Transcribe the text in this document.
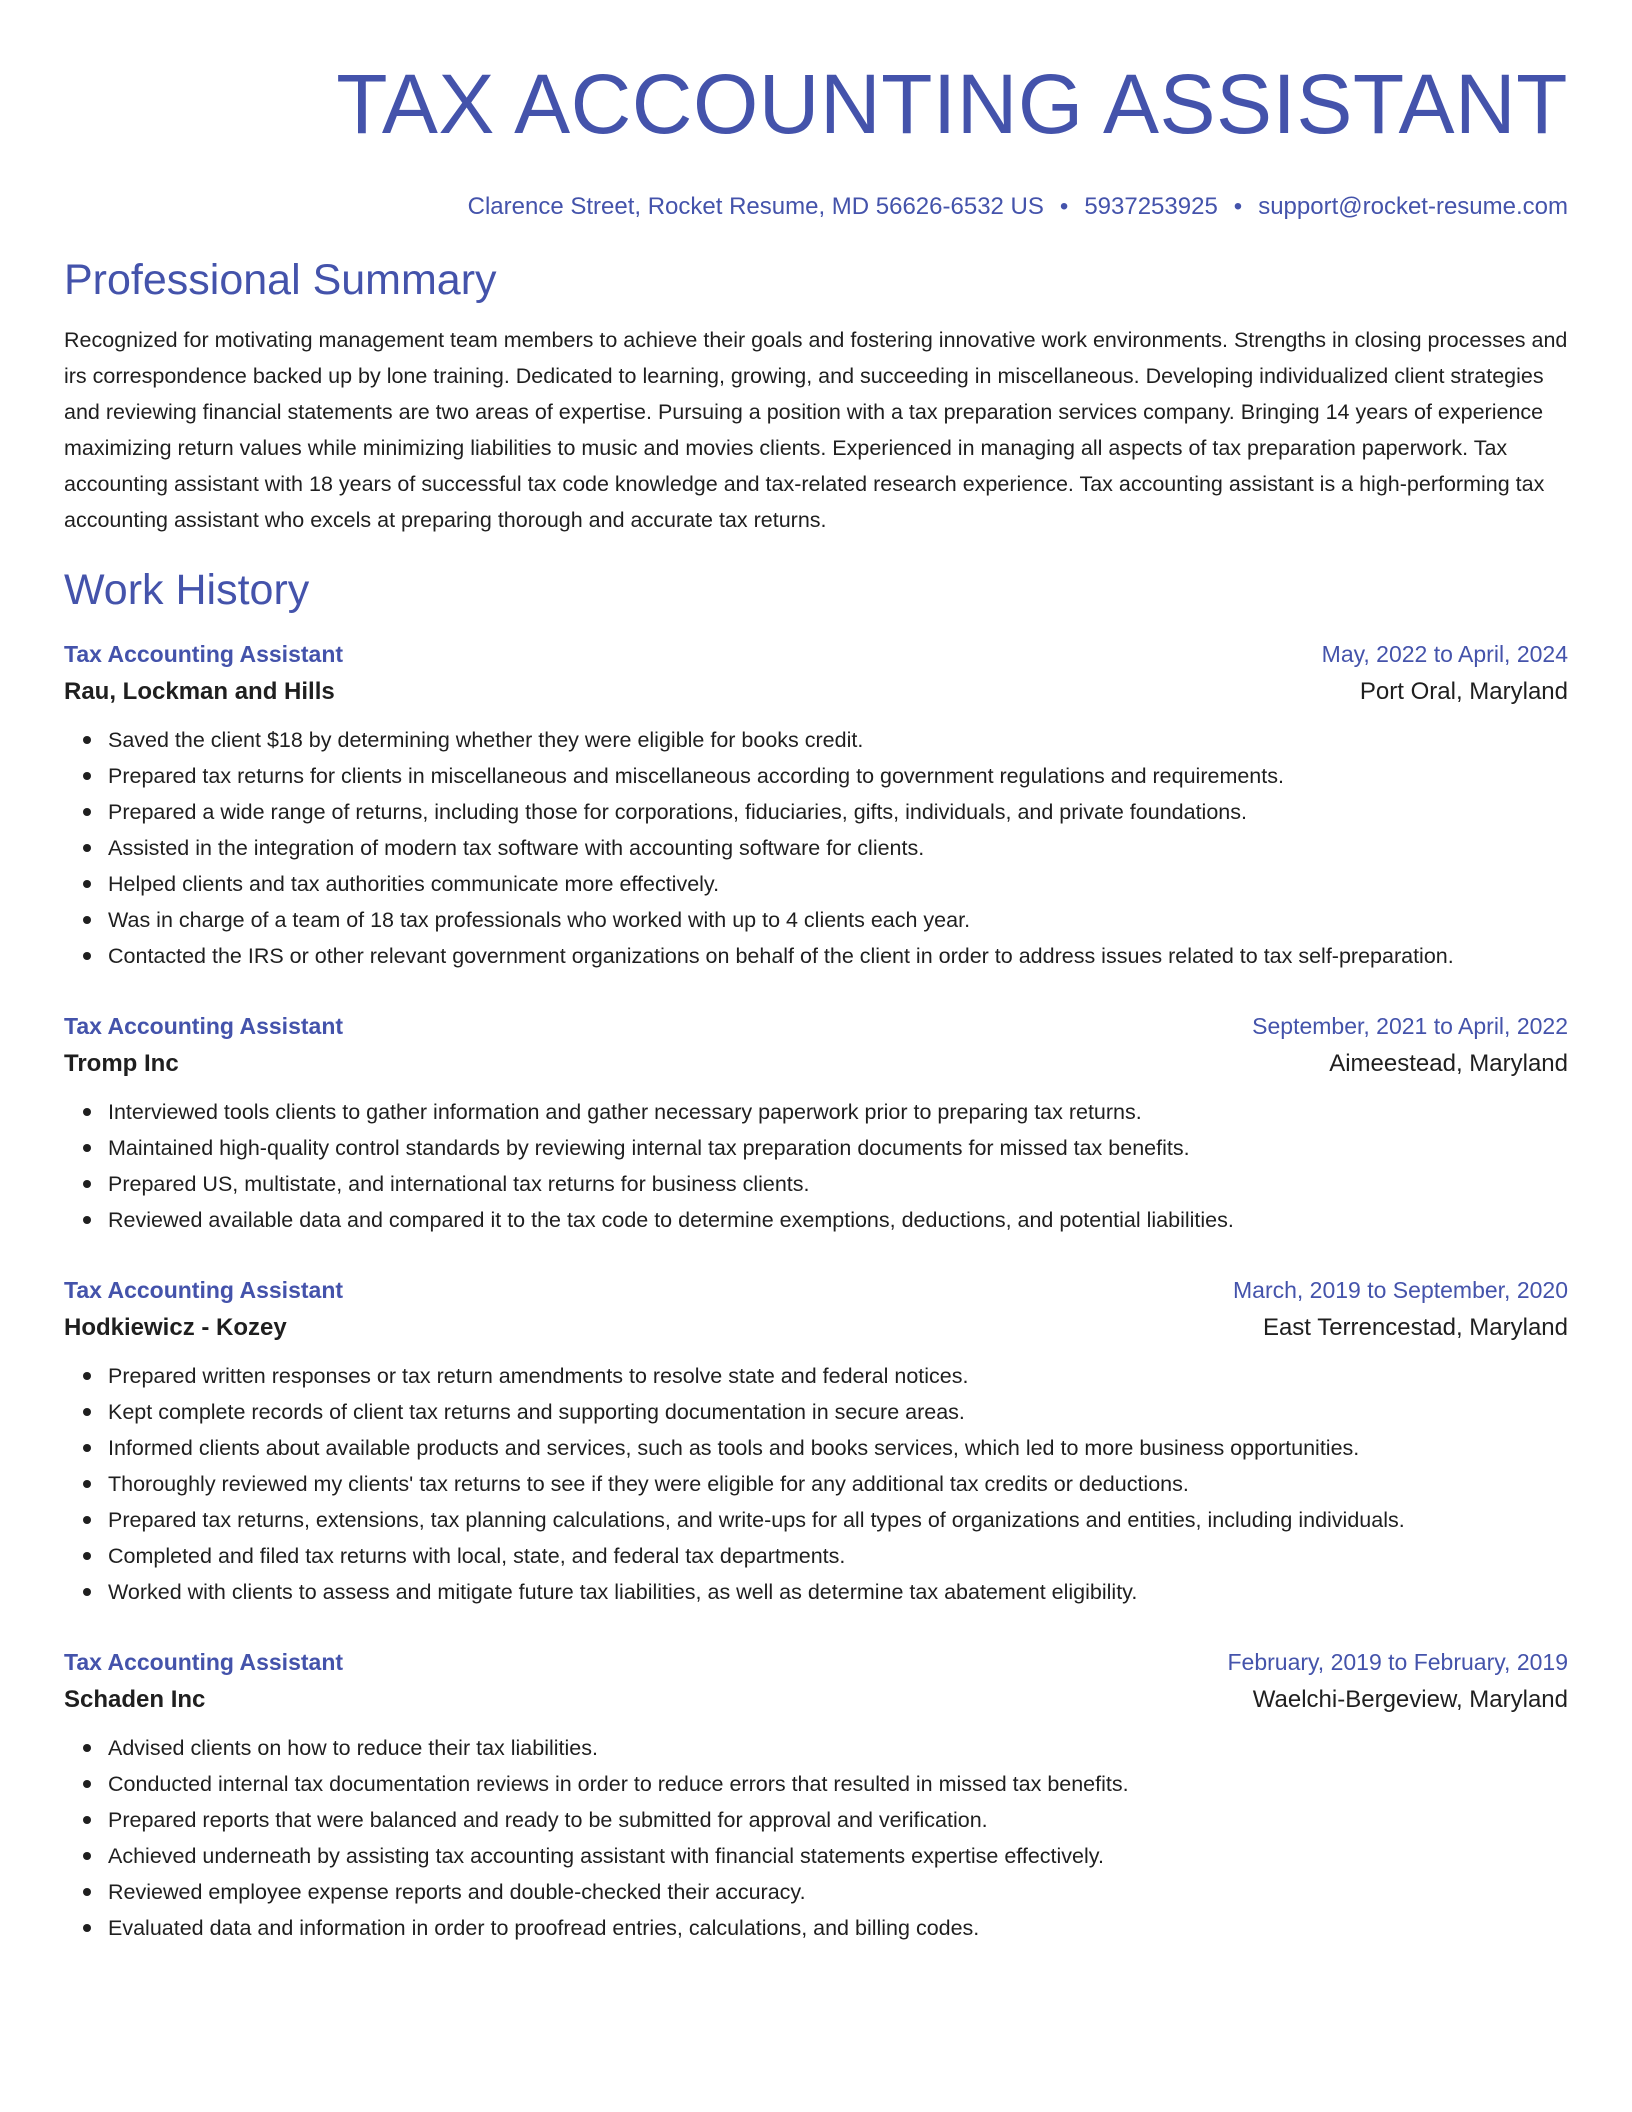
TAX ACCOUNTING ASSISTANT
Clarence Street, Rocket Resume, MD 56626-6532 US • 5937253925 • support@rocket-resume.com
Professional Summary

Recognized for motivating management team members to achieve their goals and fostering innovative work environments. Strengths in closing processes and irs correspondence backed up by lone training. Dedicated to learning, growing, and succeeding in miscellaneous. Developing individualized client strategies and reviewing financial statements are two areas of expertise. Pursuing a position with a tax preparation services company. Bringing 14 years of experience maximizing return values while minimizing liabilities to music and movies clients. Experienced in managing all aspects of tax preparation paperwork. Tax accounting assistant with 18 years of successful tax code knowledge and tax-related research experience. Tax accounting assistant is a high-performing tax accounting assistant who excels at preparing thorough and accurate tax returns.

Work History
Tax Accounting Assistant	May, 2022 to April, 2024
Rau, Lockman and Hills	Port Oral, Maryland
Saved the client $18 by determining whether they were eligible for books credit.
Prepared tax returns for clients in miscellaneous and miscellaneous according to government regulations and requirements.
Prepared a wide range of returns, including those for corporations, fiduciaries, gifts, individuals, and private foundations.
Assisted in the integration of modern tax software with accounting software for clients.
Helped clients and tax authorities communicate more effectively.
Was in charge of a team of 18 tax professionals who worked with up to 4 clients each year.
Contacted the IRS or other relevant government organizations on behalf of the client in order to address issues related to tax self-preparation.
Tax Accounting Assistant	September, 2021 to April, 2022
Tromp Inc	Aimeestead, Maryland
Interviewed tools clients to gather information and gather necessary paperwork prior to preparing tax returns.
Maintained high-quality control standards by reviewing internal tax preparation documents for missed tax benefits.
Prepared US, multistate, and international tax returns for business clients.
Reviewed available data and compared it to the tax code to determine exemptions, deductions, and potential liabilities.
Tax Accounting Assistant	March, 2019 to September, 2020
Hodkiewicz - Kozey	East Terrencestad, Maryland
Prepared written responses or tax return amendments to resolve state and federal notices.
Kept complete records of client tax returns and supporting documentation in secure areas.
Informed clients about available products and services, such as tools and books services, which led to more business opportunities.
Thoroughly reviewed my clients' tax returns to see if they were eligible for any additional tax credits or deductions.
Prepared tax returns, extensions, tax planning calculations, and write-ups for all types of organizations and entities, including individuals.
Completed and filed tax returns with local, state, and federal tax departments.
Worked with clients to assess and mitigate future tax liabilities, as well as determine tax abatement eligibility.
Tax Accounting Assistant	February, 2019 to February, 2019
Schaden Inc	Waelchi-Bergeview, Maryland
Advised clients on how to reduce their tax liabilities.
Conducted internal tax documentation reviews in order to reduce errors that resulted in missed tax benefits.
Prepared reports that were balanced and ready to be submitted for approval and verification.
Achieved underneath by assisting tax accounting assistant with financial statements expertise effectively.
Reviewed employee expense reports and double-checked their accuracy.
Evaluated data and information in order to proofread entries, calculations, and billing codes.
